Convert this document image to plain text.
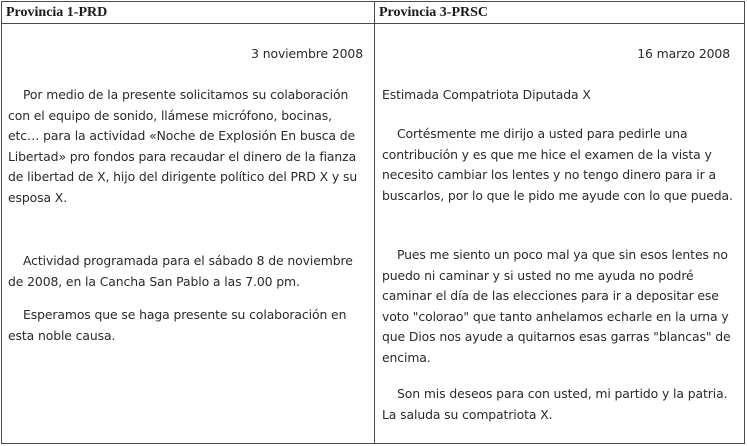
Provincia 1-PRD
3 noviembre 2008

Por medio de la presente solicitamos su colaboración con el equipo de sonido, llámese micrófono, bocinas, etc… para la actividad «Noche de Explosión En busca de Libertad» pro fondos para recaudar el dinero de la fianza de libertad de X, hijo del dirigente político del PRD X y su esposa X.

Actividad programada para el sábado 8 de noviembre de 2008, en la Cancha San Pablo a las 7.00 pm.

Esperamos que se haga presente su colaboración en esta noble causa.

Provincia 3-PRSC
16 marzo 2008

Estimada Compatriota Diputada X

Cortésmente me dirijo a usted para pedirle una contribución y es que me hice el examen de la vista y necesito cambiar los lentes y no tengo dinero para ir a buscarlos, por lo que le pido me ayude con lo que pueda.

Pues me siento un poco mal ya que sin esos lentes no puedo ni caminar y si usted no me ayuda no podré caminar el día de las elecciones para ir a depositar ese voto "colorao" que tanto anhelamos echarle en la urna y que Dios nos ayude a quitarnos esas garras "blancas" de encima.

Son mis deseos para con usted, mi partido y la patria. La saluda su compatriota X.
